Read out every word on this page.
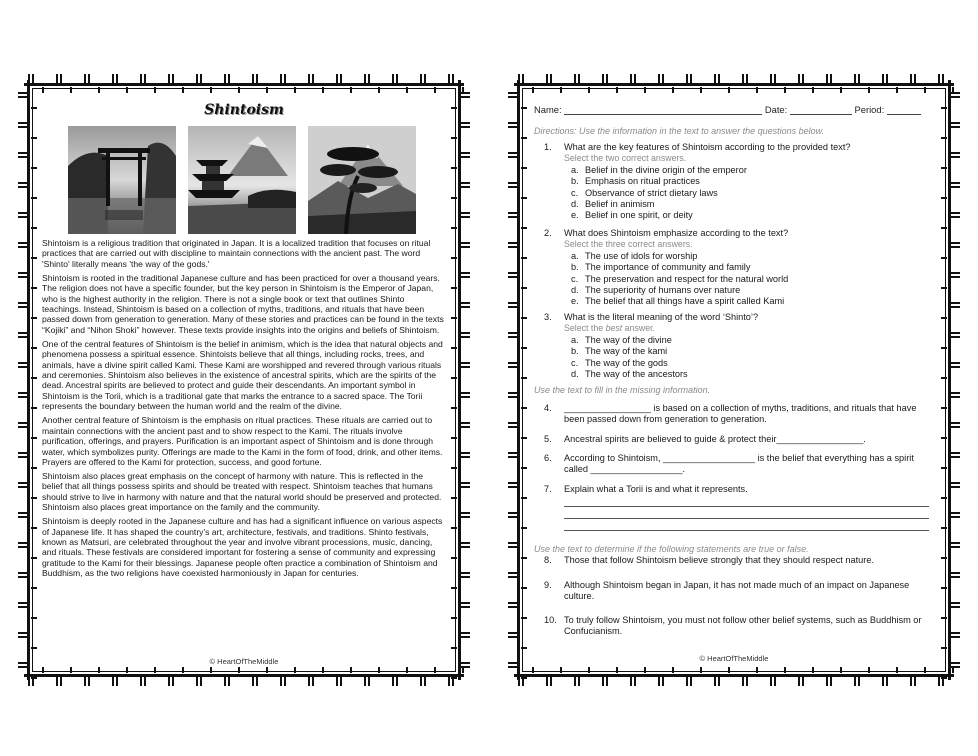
Shintoism

Shintoism is a religious tradition that originated in Japan. It is a localized tradition that focuses on ritual practices that are carried out with discipline to maintain connections with the ancient past. The word 'Shinto' literally means 'the way of the gods.'

Shintoism is rooted in the traditional Japanese culture and has been practiced for over a thousand years. The religion does not have a specific founder, but the key person in Shintoism is the Emperor of Japan, who is the highest authority in the religion. There is not a single book or text that outlines Shinto teachings. Instead, Shintoism is based on a collection of myths, traditions, and rituals that have been passed down from generation to generation. Many of these stories and practices can be found in the texts “Kojiki” and “Nihon Shoki” however. These texts provide insights into the origins and beliefs of Shintoism.

One of the central features of Shintoism is the belief in animism, which is the idea that natural objects and phenomena possess a spiritual essence. Shintoists believe that all things, including rocks, trees, and animals, have a divine spirit called Kami. These Kami are worshipped and revered through various rituals and ceremonies. Shintoism also believes in the existence of ancestral spirits, which are the spirits of the dead. Ancestral spirits are believed to protect and guide their descendants. An important symbol in Shintoism is the Torii, which is a traditional gate that marks the entrance to a sacred space. The Torii represents the boundary between the human world and the realm of the divine.

Another central feature of Shintoism is the emphasis on ritual practices. These rituals are carried out to maintain connections with the ancient past and to show respect to the Kami. The rituals involve purification, offerings, and prayers. Purification is an important aspect of Shintoism and is done through water, which symbolizes purity. Offerings are made to the Kami in the form of food, drink, and other items. Prayers are offered to the Kami for protection, success, and good fortune.

Shintoism also places great emphasis on the concept of harmony with nature. This is reflected in the belief that all things possess spirits and should be treated with respect. Shintoism teaches that humans should strive to live in harmony with nature and that the natural world should be preserved and protected. Shintoism also places great importance on the family and the community.

Shintoism is deeply rooted in the Japanese culture and has had a significant influence on various aspects of Japanese life. It has shaped the country's art, architecture, festivals, and traditions. Shinto festivals, known as Matsuri, are celebrated throughout the year and involve vibrant processions, music, dancing, and rituals. These festivals are considered important for fostering a sense of community and expressing gratitude to the Kami for their blessings. Japanese people often practice a combination of Shintoism and Buddhism, as the two religions have coexisted harmoniously in Japan for centuries.

© HeartOfTheMiddle
Name:	Date:	Period:
Directions: Use the information in the text to answer the questions below.
1.	What are the key features of Shintoism according to the provided text?
Select the two correct answers.
a. Belief in the divine origin of the emperor
b. Emphasis on ritual practices
c. Observance of strict dietary laws
d. Belief in animism
e. Belief in one spirit, or deity
2.	What does Shintoism emphasize according to the text?
Select the three correct answers.
a. The use of idols for worship
b. The importance of community and family
c. The preservation and respect for the natural world
d. The superiority of humans over nature
e. The belief that all things have a spirit called Kami
3.	What is the literal meaning of the word ‘Shinto’?
Select the best answer.
a. The way of the divine
b. The way of the kami
c. The way of the gods
d. The way of the ancestors
Use the text to fill in the missing information.
4.	_________________ is based on a collection of myths, traditions, and rituals that have been passed down from generation to generation.
5.	Ancestral spirits are believed to guide & protect their_________________.
6.	According to Shintoism, __________________ is the belief that everything has a spirit called __________________.
7.	Explain what a Torii is and what it represents.
Use the text to determine if the following statements are true or false.
8.	Those that follow Shintoism believe strongly that they should respect nature.
9.	Although Shintoism began in Japan, it has not made much of an impact on Japanese culture.
10. To truly follow Shintoism, you must not follow other belief systems, such as Buddhism or Confucianism.
© HeartOfTheMiddle
